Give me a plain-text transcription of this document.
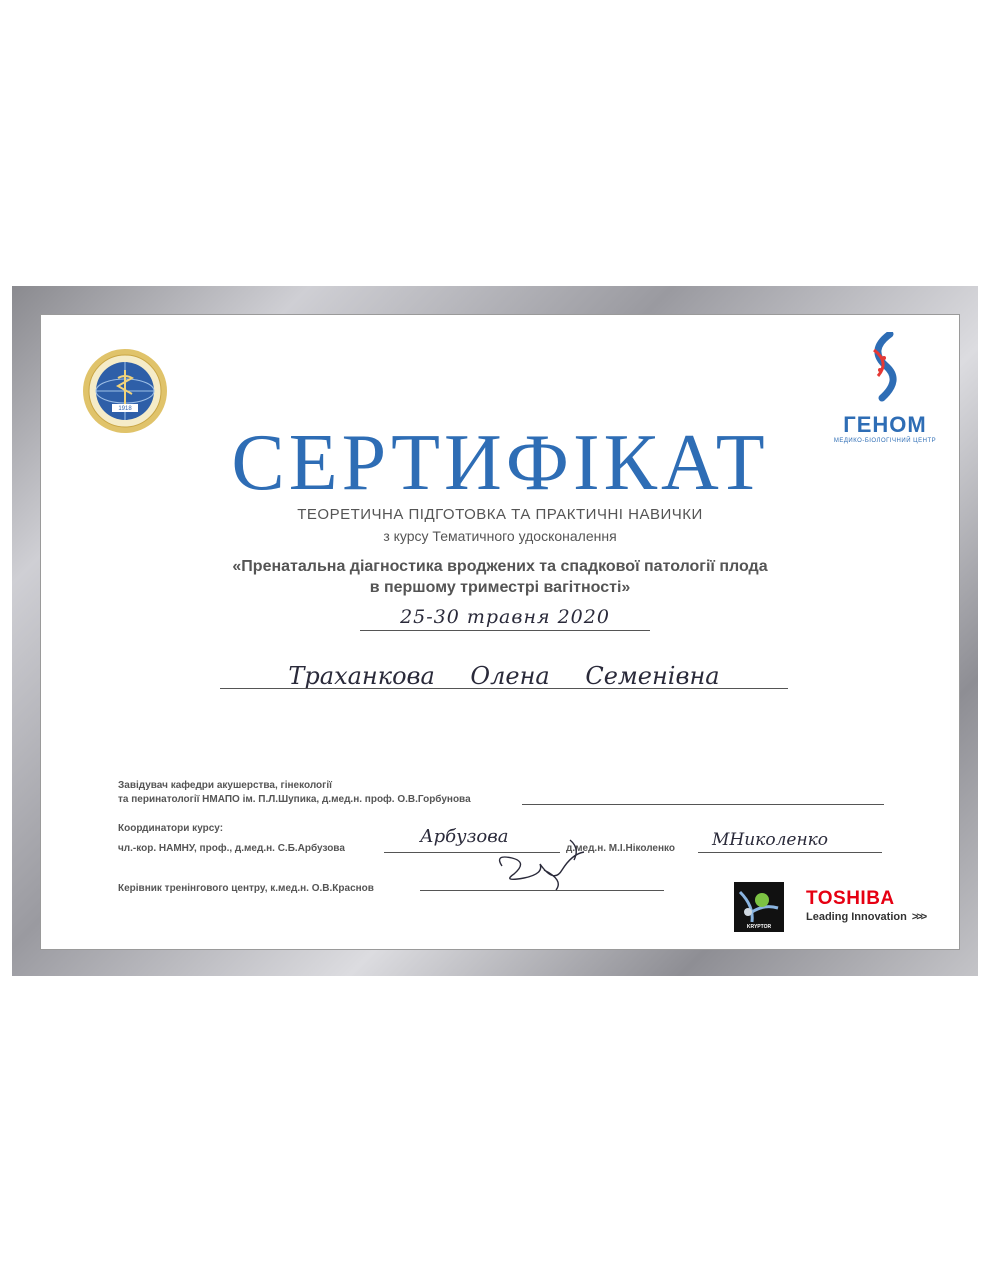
1918
ГЕНОМ
МЕДИКО-БІОЛОГІЧНИЙ ЦЕНТР
СЕРТИФІКАТ
ТЕОРЕТИЧНА ПІДГОТОВКА ТА ПРАКТИЧНІ НАВИЧКИ
з курсу Тематичного удосконалення
«Пренатальна діагностика вроджених та спадкової патології плода
в першому триместрі вагітності»
25-30 травня 2020
Траханкова Олена Семенівна
Завідувач кафедри акушерства, гінекології
та перинатології НМАПО ім. П.Л.Шупика, д.мед.н. проф. О.В.Горбунова
Координатори курсу:
чл.-кор. НАМНУ, проф., д.мед.н. С.Б.Арбузова
Арбузова
д.мед.н. М.І.Ніколенко МНиколенко
Керівник тренінгового центру, к.мед.н. О.В.Краснов
KRYPTOR
TOSHIBA
Leading Innovation >>>
